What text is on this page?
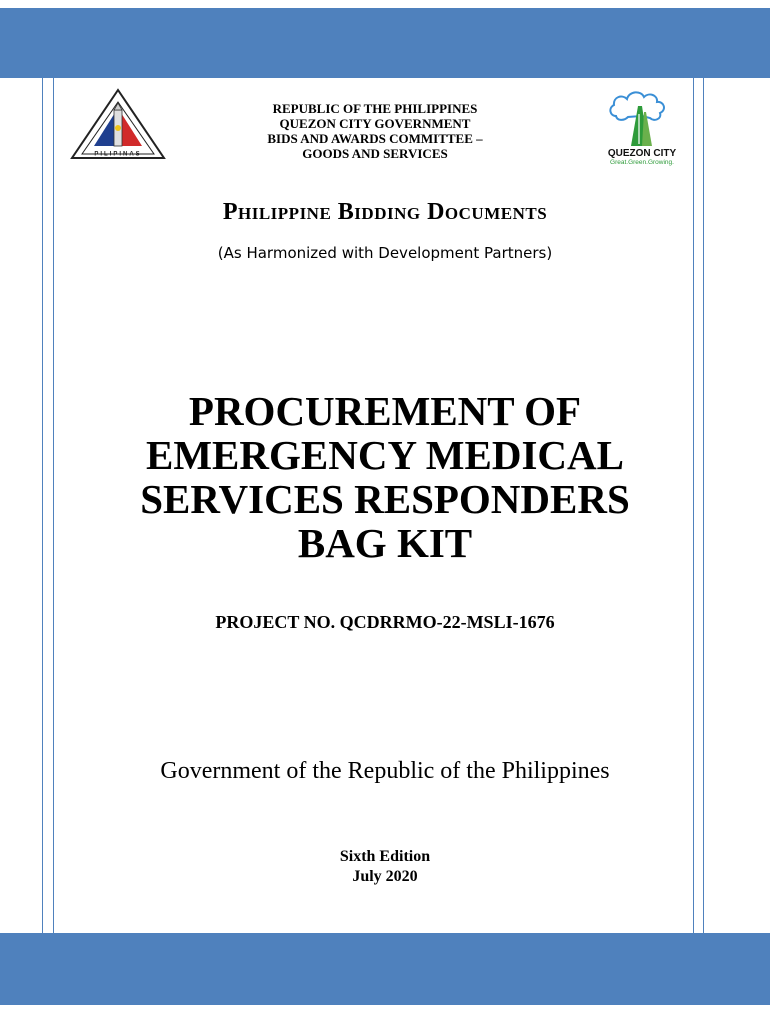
PILIPINAS
REPUBLIC OF THE PHILIPPINES
QUEZON CITY GOVERNMENT
BIDS AND AWARDS COMMITTEE –
GOODS AND SERVICES	QUEZON CITY
Great.Green.Growing.
Philippine Bidding Documents
(As Harmonized with Development Partners)
PROCUREMENT OF
EMERGENCY MEDICAL
SERVICES RESPONDERS
BAG KIT
PROJECT NO. QCDRRMO-22-MSLI-1676
Government of the Republic of the Philippines
Sixth Edition
July 2020
